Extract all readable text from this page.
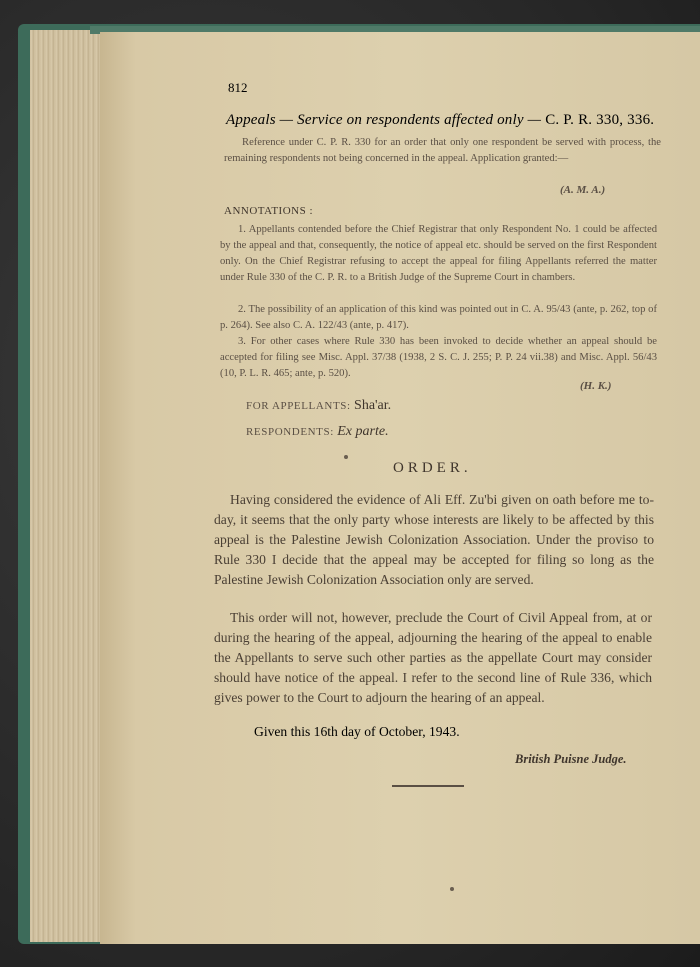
812
Appeals — Service on respondents affected only — C. P. R. 330, 336.
Reference under C. P. R. 330 for an order that only one respondent be served with process, the remaining respondents not being concerned in the appeal. Application granted:—
(A. M. A.)
ANNOTATIONS :
1. Appellants contended before the Chief Registrar that only Respondent No. 1 could be affected by the appeal and that, consequently, the notice of appeal etc. should be served on the first Respondent only. On the Chief Registrar refusing to accept the appeal for filing Appellants referred the matter under Rule 330 of the C. P. R. to a British Judge of the Supreme Court in chambers.
2. The possibility of an application of this kind was pointed out in C. A. 95/43 (ante, p. 262, top of p. 264). See also C. A. 122/43 (ante, p. 417).
3. For other cases where Rule 330 has been invoked to decide whether an appeal should be accepted for filing see Misc. Appl. 37/38 (1938, 2 S. C. J. 255; P. P. 24 vii.38) and Misc. Appl. 56/43 (10, P. L. R. 465; ante, p. 520).
(H. K.)
FOR APPELLANTS: Sha'ar.
RESPONDENTS: Ex parte.
ORDER.
Having considered the evidence of Ali Eff. Zu'bi given on oath before me to-day, it seems that the only party whose interests are likely to be affected by this appeal is the Palestine Jewish Colonization Association. Under the proviso to Rule 330 I decide that the appeal may be accepted for filing so long as the Palestine Jewish Colonization Association only are served.
This order will not, however, preclude the Court of Civil Appeal from, at or during the hearing of the appeal, adjourning the hearing of the appeal to enable the Appellants to serve such other parties as the appellate Court may consider should have notice of the appeal. I refer to the second line of Rule 336, which gives power to the Court to adjourn the hearing of an appeal.
Given this 16th day of October, 1943.
British Puisne Judge.
